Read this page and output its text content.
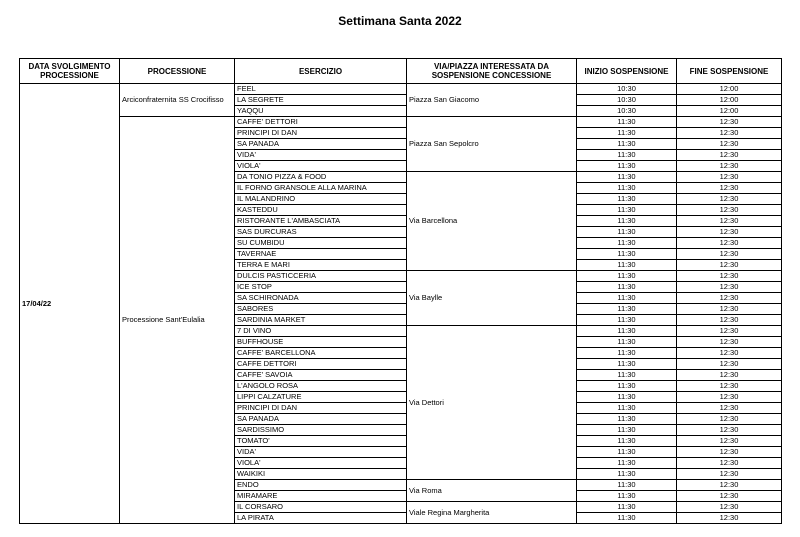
Settimana Santa 2022
DATA SVOLGIMENTO PROCESSIONE	PROCESSIONE	ESERCIZIO	VIA/PIAZZA INTERESSATA DA SOSPENSIONE CONCESSIONE	INIZIO SOSPENSIONE	FINE SOSPENSIONE
17/04/22	Arciconfraternita SS Crocifisso	FEEL	Piazza San Giacomo	10:30	12:00
		LA SEGRETE		10:30	12:00
		YAQQU		10:30	12:00
	Processione Sant'Eulalia	CAFFE' DETTORI	Piazza San Sepolcro	11:30	12:30
		PRINCIPI DI DAN		11:30	12:30
		SA PANADA		11:30	12:30
		VIDA'		11:30	12:30
		VIOLA'		11:30	12:30
		DA TONIO PIZZA & FOOD	Via Barcellona	11:30	12:30
		IL FORNO GRANSOLE ALLA MARINA		11:30	12:30
		IL MALANDRINO		11:30	12:30
		KASTEDDU		11:30	12:30
		RISTORANTE L'AMBASCIATA		11:30	12:30
		SAS DURCURAS		11:30	12:30
		SU CUMBIDU		11:30	12:30
		TAVERNAE		11:30	12:30
		TERRA E MARI		11:30	12:30
		DULCIS PASTICCERIA	Via Baylle	11:30	12:30
		ICE STOP		11:30	12:30
		SA SCHIRONADA		11:30	12:30
		SABORES		11:30	12:30
		SARDINIA MARKET		11:30	12:30
		7 DI VINO	Via Dettori	11:30	12:30
		BUFFHOUSE		11:30	12:30
		CAFFE' BARCELLONA		11:30	12:30
		CAFFE DETTORI		11:30	12:30
		CAFFE' SAVOIA		11:30	12:30
		L'ANGOLO ROSA		11:30	12:30
		LIPPI CALZATURE		11:30	12:30
		PRINCIPI DI DAN		11:30	12:30
		SA PANADA		11:30	12:30
		SARDISSIMO		11:30	12:30
		TOMATO'		11:30	12:30
		VIDA'		11:30	12:30
		VIOLA'		11:30	12:30
		WAIKIKI		11:30	12:30
		ENDO	Via Roma	11:30	12:30
		MIRAMARE		11:30	12:30
		IL CORSARO	Viale Regina Margherita	11:30	12:30
		LA PIRATA		11:30	12:30
